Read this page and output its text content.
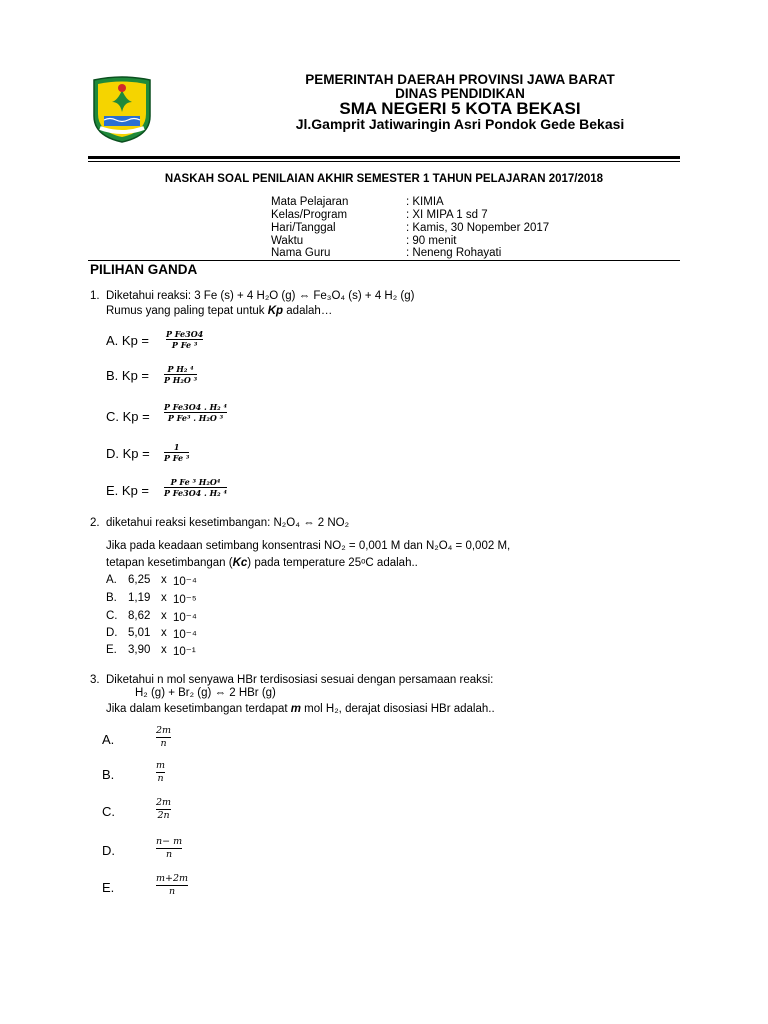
PEMERINTAH DAERAH PROVINSI JAWA BARAT
DINAS PENDIDIKAN
SMA NEGERI 5 KOTA BEKASI
Jl.Gamprit Jatiwaringin Asri Pondok Gede Bekasi
NASKAH SOAL PENILAIAN AKHIR SEMESTER 1 TAHUN PELAJARAN 2017/2018
Mata Pelajaran	: KIMIA
Kelas/Program	: XI MIPA 1 sd 7
Hari/Tanggal	: Kamis, 30 Nopember 2017
Waktu	: 90 menit
Nama Guru	: Neneng Rohayati
PILIHAN GANDA
1. Diketahui reaksi: 3 Fe (s) + 4 H₂O (g) ⇔ Fe₃O₄ (s) + 4 H₂ (g)
Rumus yang paling tepat untuk Kp adalah…
A. Kp = P Fe3O4
P Fe ³
B. Kp = P H₂ ⁴
P H₂O ³
C. Kp =
P Fe3O4 . H₂ ⁴
P Fe³ . H₂O ³
D. Kp =	1
P Fe ³
E. Kp =
P Fe ³ H₂O⁴
P Fe3O4 . H₂ ⁴
2. diketahui reaksi kesetimbangan: N₂O₄ ⇔ 2 NO₂
Jika pada keadaan setimbang konsentrasi NO₂ = 0,001 M dan N₂O₄ = 0,002 M,
tetapan kesetimbangan (Kc) pada temperature 25ᵒC adalah..
A. 6,25 x 10⁻⁴
B. 1,19 x 10⁻⁵
C. 8,62 x 10⁻⁴
D. 5,01 x 10⁻⁴
E. 3,90 x 10⁻¹
3. Diketahui n mol senyawa HBr terdisosiasi sesuai dengan persamaan reaksi:
H₂ (g) + Br₂ (g) ⇔ 2 HBr (g)
Jika dalam kesetimbangan terdapat m mol H₂, derajat disosiasi HBr adalah..
A.
2m
n
B.
m
n
C.
2m
2n
D.
n− m
n
E.
m+2m
n
